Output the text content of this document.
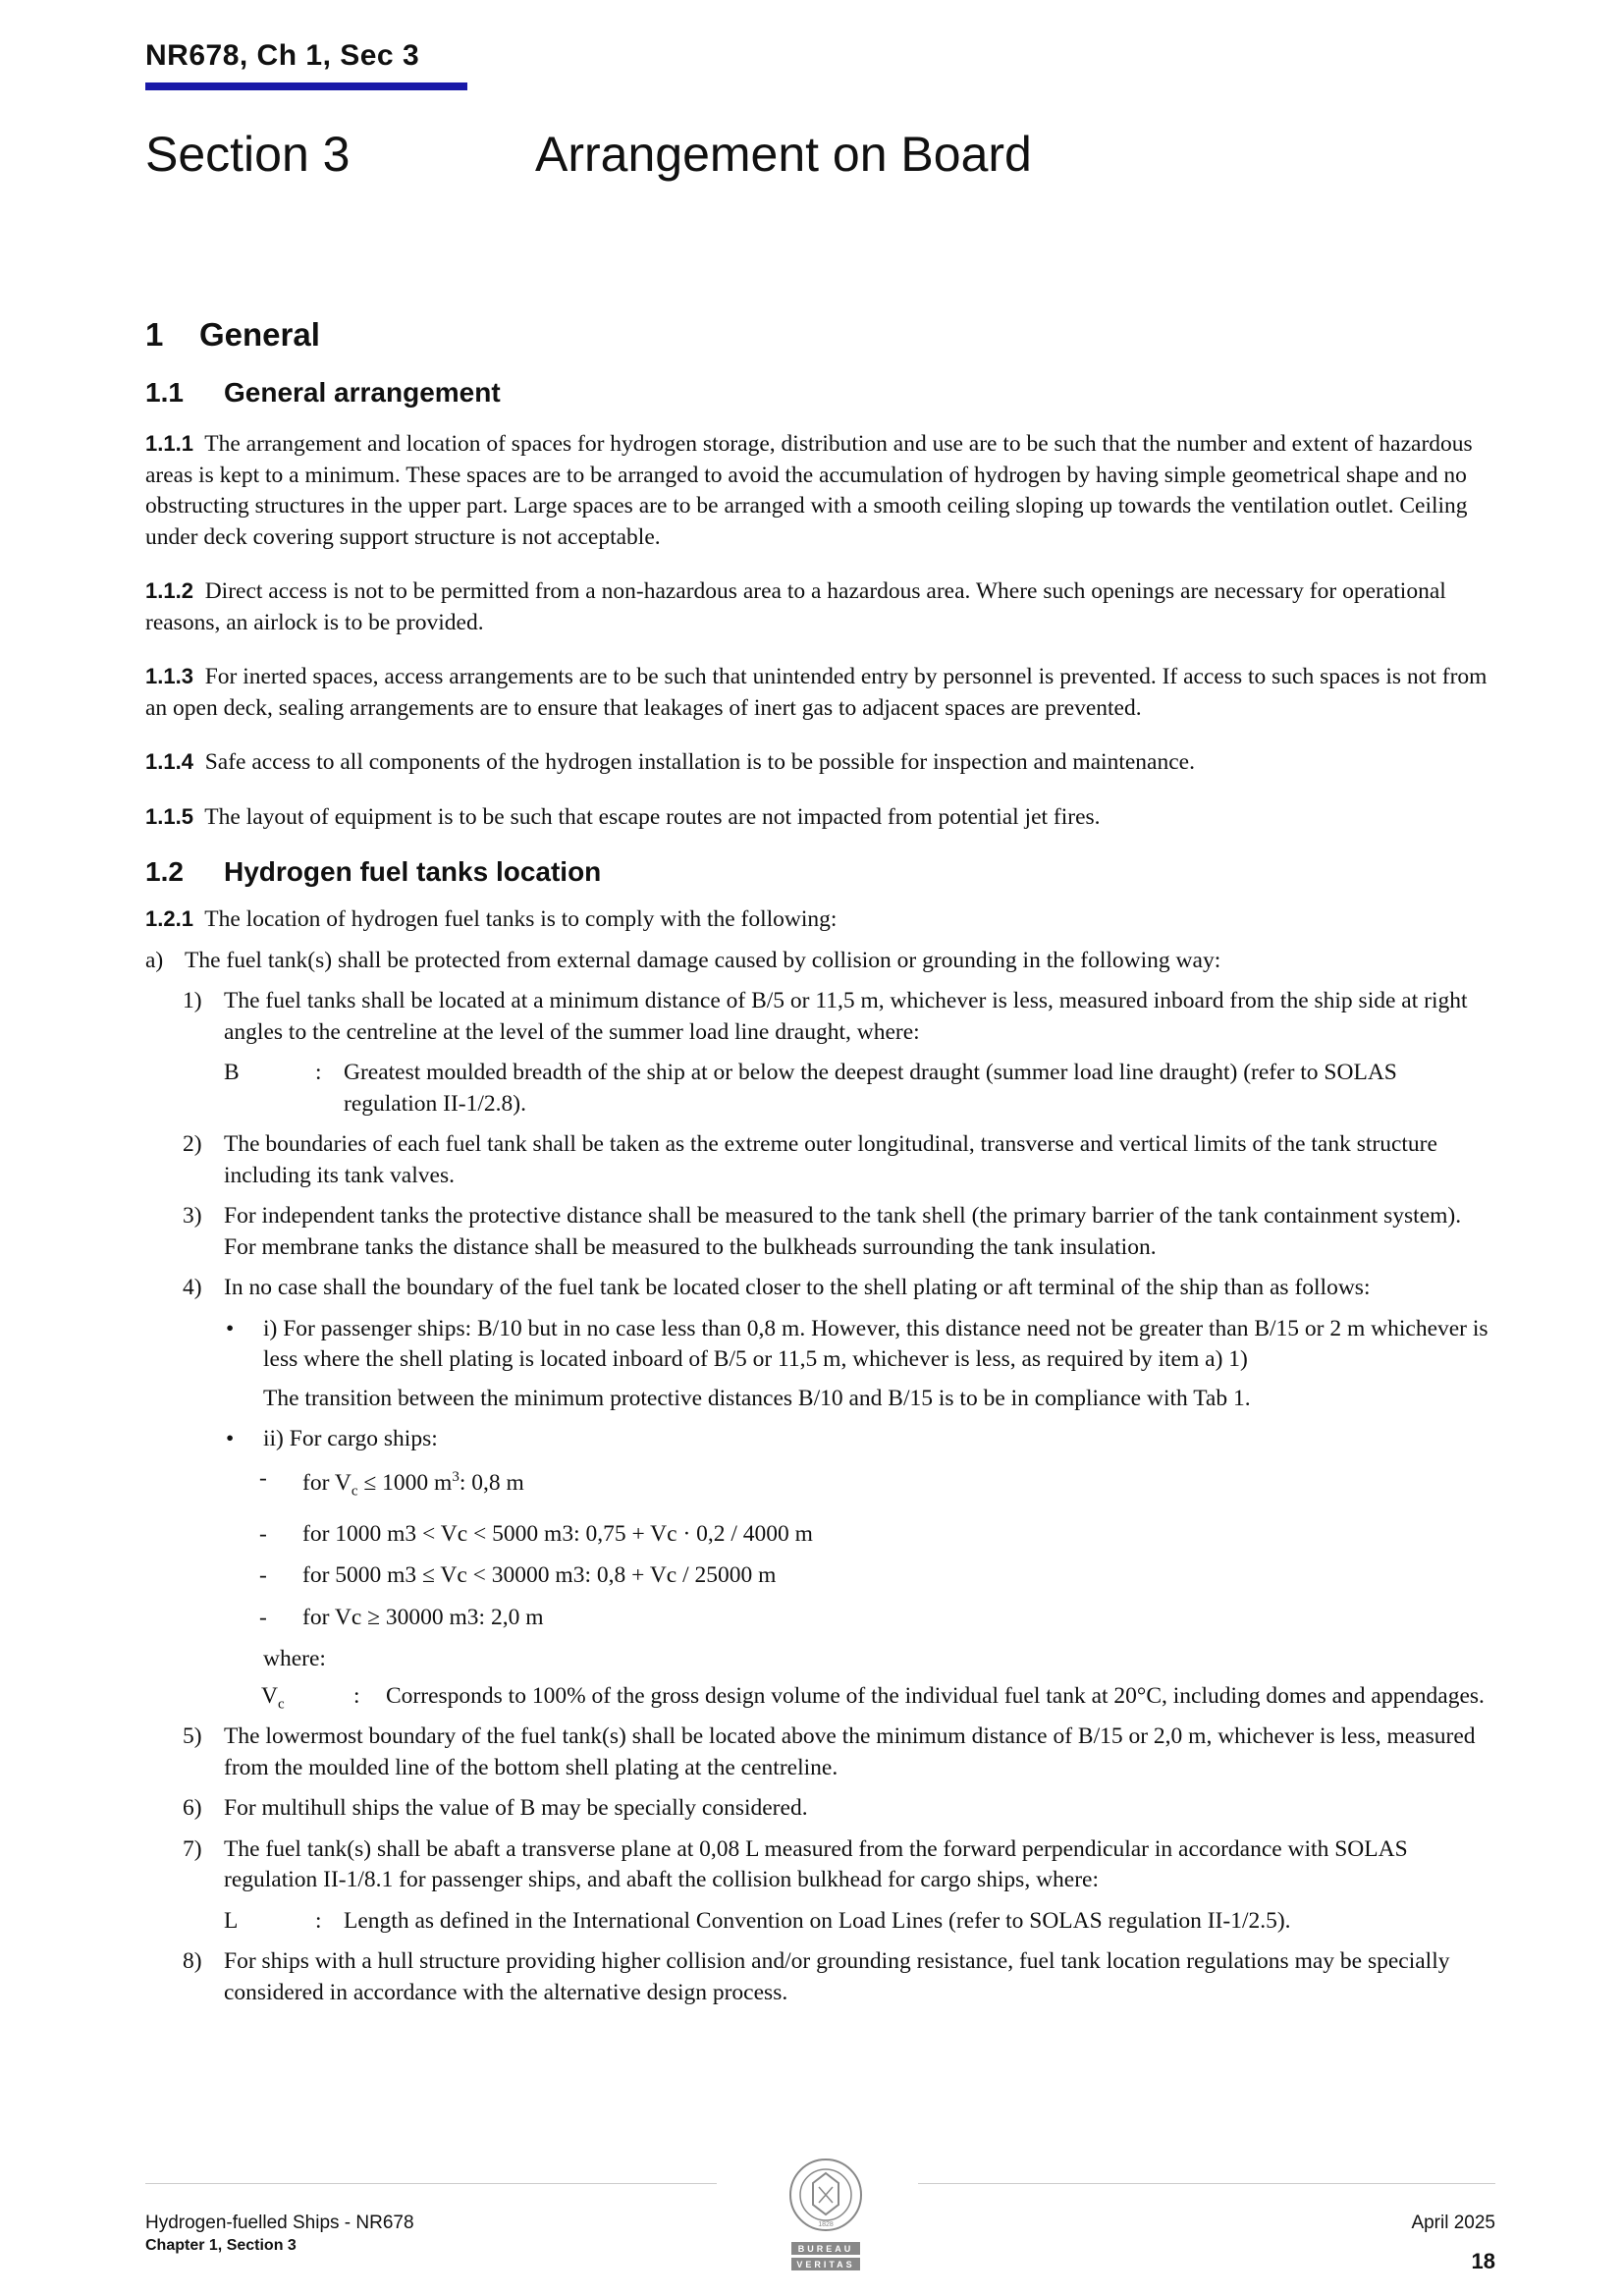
NR678, Ch 1, Sec 3
Section 3	Arrangement on Board
1 General
1.1 General arrangement

1.1.1 The arrangement and location of spaces for hydrogen storage, distribution and use are to be such that the number and extent of hazardous areas is kept to a minimum. These spaces are to be arranged to avoid the accumulation of hydrogen by having simple geometrical shape and no obstructing structures in the upper part. Large spaces are to be arranged with a smooth ceiling sloping up towards the ventilation outlet. Ceiling under deck covering support structure is not acceptable.

1.1.2 Direct access is not to be permitted from a non-hazardous area to a hazardous area. Where such openings are necessary for operational reasons, an airlock is to be provided.

1.1.3 For inerted spaces, access arrangements are to be such that unintended entry by personnel is prevented. If access to such spaces is not from an open deck, sealing arrangements are to ensure that leakages of inert gas to adjacent spaces are prevented.

1.1.4 Safe access to all components of the hydrogen installation is to be possible for inspection and maintenance.

1.1.5 The layout of equipment is to be such that escape routes are not impacted from potential jet fires.

1.2 Hydrogen fuel tanks location

1.2.1 The location of hydrogen fuel tanks is to comply with the following:

a) The fuel tank(s) shall be protected from external damage caused by collision or grounding in the following way:
1) The fuel tanks shall be located at a minimum distance of B/5 or 11,5 m, whichever is less, measured inboard from the ship side at right angles to the centreline at the level of the summer load line draught, where:
B	: Greatest moulded breadth of the ship at or below the deepest draught (summer load line draught) (refer to SOLAS regulation II-1/2.8).
2) The boundaries of each fuel tank shall be taken as the extreme outer longitudinal, transverse and vertical limits of the tank structure including its tank valves.
3) For independent tanks the protective distance shall be measured to the tank shell (the primary barrier of the tank containment system). For membrane tanks the distance shall be measured to the bulkheads surrounding the tank insulation.
4) In no case shall the boundary of the fuel tank be located closer to the shell plating or aft terminal of the ship than as follows:
• i) For passenger ships: B/10 but in no case less than 0,8 m. However, this distance need not be greater than B/15 or 2 m whichever is less where the shell plating is located inboard of B/5 or 11,5 m, whichever is less, as required by item a) 1)
The transition between the minimum protective distances B/10 and B/15 is to be in compliance with Tab 1.
• ii) For cargo ships:
- for $V_c \le 1000$ $m^3$: 0,8 m
- for 1000 m3 < Vc < 5000 m3: 0,75 + Vc · 0,2 / 4000 m
- for 5000 m3 ≤ Vc < 30000 m3: 0,8 + Vc / 25000 m
- for Vc ≥ 30000 m3: 2,0 m
where:
$V_c$	: Corresponds to 100% of the gross design volume of the individual fuel tank at 20°C, including domes and appendages.
5) The lowermost boundary of the fuel tank(s) shall be located above the minimum distance of B/15 or 2,0 m, whichever is less, measured from the moulded line of the bottom shell plating at the centreline.
6) For multihull ships the value of B may be specially considered.
7) The fuel tank(s) shall be abaft a transverse plane at 0,08 L measured from the forward perpendicular in accordance with SOLAS regulation II-1/8.1 for passenger ships, and abaft the collision bulkhead for cargo ships, where:
L	: Length as defined in the International Convention on Load Lines (refer to SOLAS regulation II-1/2.5).
8) For ships with a hull structure providing higher collision and/or grounding resistance, fuel tank location regulations may be specially considered in accordance with the alternative design process.
BUREAU
VERITAS
1828
Hydrogen-fuelled Ships - NR678
Chapter 1, Section 3
April 2025
18
